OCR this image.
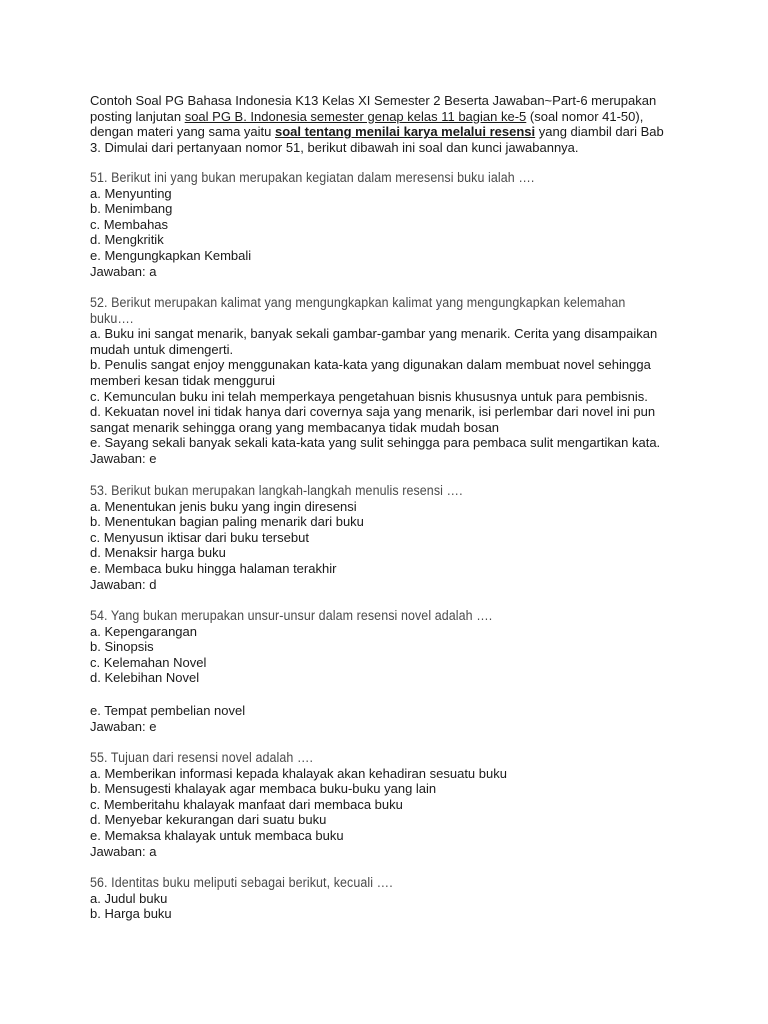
Contoh Soal PG Bahasa Indonesia K13 Kelas XI Semester 2 Beserta Jawaban~Part-6 merupakan
posting lanjutan soal PG B. Indonesia semester genap kelas 11 bagian ke-5 (soal nomor 41-50),
dengan materi yang sama yaitu soal tentang menilai karya melalui resensi yang diambil dari Bab
3. Dimulai dari pertanyaan nomor 51, berikut dibawah ini soal dan kunci jawabannya.
51. Berikut ini yang bukan merupakan kegiatan dalam meresensi buku ialah ….
a. Menyunting
b. Menimbang
c. Membahas
d. Mengkritik
e. Mengungkapkan Kembali
Jawaban: a
52. Berikut merupakan kalimat yang mengungkapkan kalimat yang mengungkapkan kelemahan
buku….
a. Buku ini sangat menarik, banyak sekali gambar-gambar yang menarik. Cerita yang disampaikan
mudah untuk dimengerti.
b. Penulis sangat enjoy menggunakan kata-kata yang digunakan dalam membuat novel sehingga
memberi kesan tidak menggurui
c. Kemunculan buku ini telah memperkaya pengetahuan bisnis khususnya untuk para pembisnis.
d. Kekuatan novel ini tidak hanya dari covernya saja yang menarik, isi perlembar dari novel ini pun
sangat menarik sehingga orang yang membacanya tidak mudah bosan
e. Sayang sekali banyak sekali kata-kata yang sulit sehingga para pembaca sulit mengartikan kata.
Jawaban: e
53. Berikut bukan merupakan langkah-langkah menulis resensi ….
a. Menentukan jenis buku yang ingin diresensi
b. Menentukan bagian paling menarik dari buku
c. Menyusun iktisar dari buku tersebut
d. Menaksir harga buku
e. Membaca buku hingga halaman terakhir
Jawaban: d
54. Yang bukan merupakan unsur-unsur dalam resensi novel adalah ….
a. Kepengarangan
b. Sinopsis
c. Kelemahan Novel
d. Kelebihan Novel
e. Tempat pembelian novel
Jawaban: e
55. Tujuan dari resensi novel adalah ….
a. Memberikan informasi kepada khalayak akan kehadiran sesuatu buku
b. Mensugesti khalayak agar membaca buku-buku yang lain
c. Memberitahu khalayak manfaat dari membaca buku
d. Menyebar kekurangan dari suatu buku
e. Memaksa khalayak untuk membaca buku
Jawaban: a
56. Identitas buku meliputi sebagai berikut, kecuali ….
a. Judul buku
b. Harga buku
